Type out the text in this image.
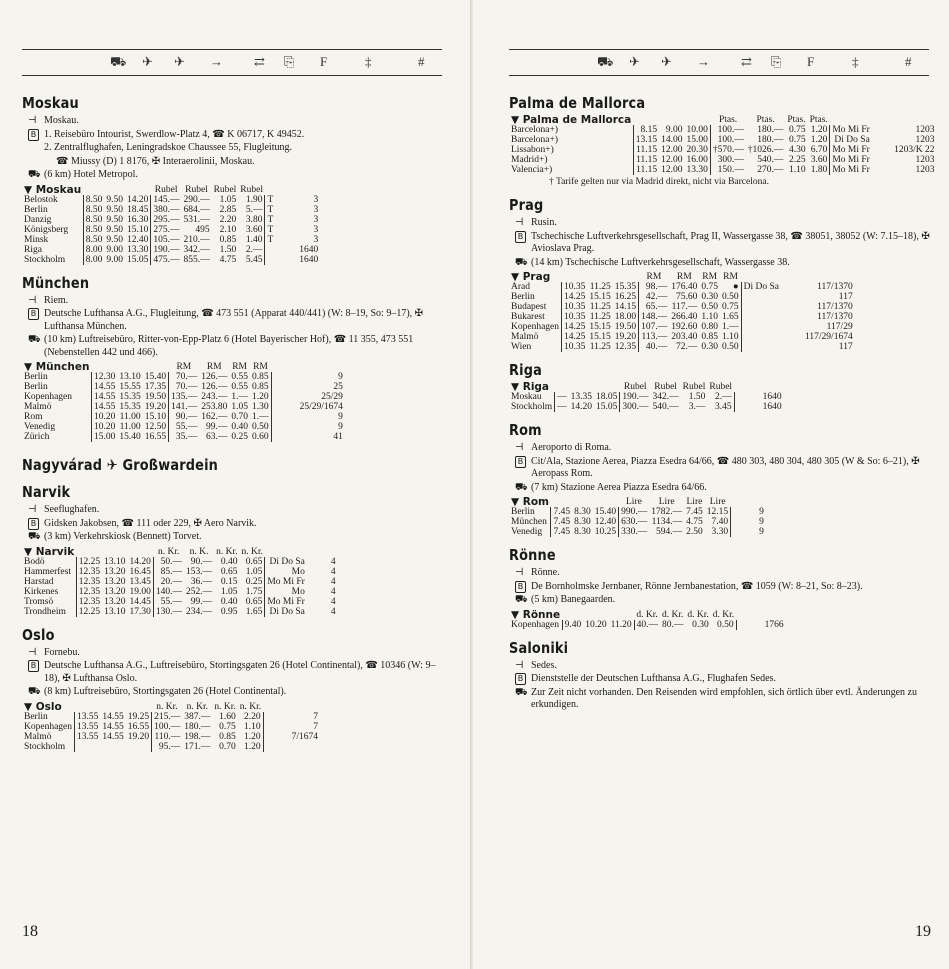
⛟ ✈ ✈ → ⇄ ⎘ F	‡	#
Moskau
⊣ Moskau.
B 1. Reisebüro Intourist, Swerdlow-Platz 4, ☎ K 06717, K 49452.
2. Zentralflughafen, Leningradskoe Chaussee 55, Flugleitung.
☎ Miussy (D) 1 8176, ✠ Interaerolinii, Moskau.
⛟ (6 km) Hotel Metropol.
▼ Moskau				Rubel	Rubel	Rubel	Rubel			
Belostok	8.50	9.50	14.20	145.—	290.—	1.05	1.90	T		3
Berlin	8.50	9.50	18.45	380.—	684.—	2.85	5.—	T		3
Danzig	8.50	9.50	16.30	295.—	531.—	2.20	3.80	T		3
Königsberg	8.50	9.50	15.10	275.—	495	2.10	3.60	T		3
Minsk	8.50	9.50	12.40	105.—	210.—	0.85	1.40	T		3
Riga	8.00	9.00	13.30	190.—	342.—	1.50	2.—			1640
Stockholm	8.00	9.00	15.05	475.—	855.—	4.75	5.45			1640
München
⊣ Riem.
B Deutsche Lufthansa A.G., Flugleitung, ☎ 473 551 (Apparat 440/441) (W: 8–19, So: 9–17), ✠ Lufthansa München.
⛟ (10 km) Luftreisebüro, Ritter-von-Epp-Platz 6 (Hotel Bayerischer Hof), ☎ 11 355, 473 551 (Nebenstellen 442 und 466).
▼ München				RM	RM	RM	RM			
Berlin	12.30	13.10	15.40	70.—	126.—	0.55	0.85			9
Berlin	14.55	15.55	17.35	70.—	126.—	0.55	0.85			25
Kopenhagen	14.55	15.35	19.50	135.—	243.—	1.—	1.20			25/29
Malmö	14.55	15.35	19.20	141.—	253.80	1.05	1.30			25/29/1674
Rom	10.20	11.00	15.10	90.—	162.—	0.70	1.—			9
Venedig	10.20	11.00	12.50	55.—	99.—	0.40	0.50			9
Zürich	15.00	15.40	16.55	35.—	63.—	0.25	0.60			41
Nagyvárad ✈ Großwardein
Narvik
⊣ Seeflughafen.
B Gidsken Jakobsen, ☎ 111 oder 229, ✠ Aero Narvik.
⛟ (3 km) Verkehrskiosk (Bennett) Torvet.
▼ Narvik				n. Kr.	n. K.	n. Kr.	n. Kr.			
Bodö	12.25	13.10	14.20	50.—	90.—	0.40	0.65	Di Do Sa		4
Hammerfest	12.35	13.20	16.45	85.—	153.—	0.65	1.05	Mo		4
Harstad	12.35	13.20	13.45	20.—	36.—	0.15	0.25	Mo Mi Fr		4
Kirkenes	12.35	13.20	19.00	140.—	252.—	1.05	1.75	Mo		4
Tromsö	12.35	13.20	14.45	55.—	99.—	0.40	0.65	Mo Mi Fr		4
Trondheim	12.25	13.10	17.30	130.—	234.—	0.95	1.65	Di Do Sa		4
Oslo
⊣ Fornebu.
B Deutsche Lufthansa A.G., Luftreisebüro, Stortingsgaten 26 (Hotel Continental), ☎ 10346 (W: 9–18), ✠ Lufthansa Oslo.
⛟ (8 km) Luftreisebüro, Stortingsgaten 26 (Hotel Continental).
▼ Oslo				n. Kr.	n. Kr.	n. Kr.	n. Kr.			
Berlin	13.55	14.55	19.25	215.—	387.—	1.60	2.20			7
Kopenhagen	13.55	14.55	16.55	100.—	180.—	0.75	1.10			7
Malmö	13.55	14.55	19.20	110.—	198.—	0.85	1.20			7/1674
Stockholm				95.—	171.—	0.70	1.20			
18
⛟ ✈ ✈ → ⇄ ⎘ F	‡	#
Palma de Mallorca
▼ Palma de Mallorca				Ptas.	Ptas.	Ptas.	Ptas.			
Barcelona+)	8.15	9.00	10.00	100.—	180.—	0.75	1.20	Mo Mi Fr		1203
Barcelona+)	13.15	14.00	15.00	100.—	180.—	0.75	1.20	Di Do Sa		1203
Lissabon+)	11.15	12.00	20.30	†570.—	†1026.—	4.30	6.70	Mo Mi Fr		1203/K 22
Madrid+)	11.15	12.00	16.00	300.—	540.—	2.25	3.60	Mo Mi Fr		1203
Valencia+)	11.15	12.00	13.30	150.—	270.—	1.10	1.80	Mo Mi Fr		1203
† Tarife gelten nur via Madrid direkt, nicht via Barcelona.
Prag
⊣ Rusin.
B Tschechische Luftverkehrsgesellschaft, Prag II, Wassergasse 38, ☎ 38051, 38052 (W: 7.15–18), ✠ Avioslava Prag.
⛟ (14 km) Tschechische Luftverkehrsgesellschaft, Wassergasse 38.
▼ Prag				RM	RM	RM	RM			
Arad	10.35	11.25	15.35	98.—	176.40	0.75	●	Di Do Sa		117/1370
Berlin	14.25	15.15	16.25	42.—	75.60	0.30	0.50			117
Budapest	10.35	11.25	14.15	65.—	117.—	0.50	0.75			117/1370
Bukarest	10.35	11.25	18.00	148.—	266.40	1.10	1.65			117/1370
Kopenhagen	14.25	15.15	19.50	107.—	192.60	0.80	1.—			117/29
Malmö	14.25	15.15	19.20	113.—	203.40	0.85	1.10			117/29/1674
Wien	10.35	11.25	12.35	40.—	72.—	0.30	0.50			117
Riga
▼ Riga				Rubel	Rubel	Rubel	Rubel			
Moskau	—	13.35	18.05	190.—	342.—	1.50	2.—			1640
Stockholm	—	14.20	15.05	300.—	540.—	3.—	3.45			1640
Rom
⊣ Aeroporto di Roma.
B Cit/Ala, Stazione Aerea, Piazza Esedra 64/66, ☎ 480 303, 480 304, 480 305 (W & So: 6–21), ✠ Aeropass Rom.
⛟ (7 km) Stazione Aerea Piazza Esedra 64/66.
▼ Rom				Lire	Lire	Lire	Lire			
Berlin	7.45	8.30	15.40	990.—	1782.—	7.45	12.15			9
München	7.45	8.30	12.40	630.—	1134.—	4.75	7.40			9
Venedig	7.45	8.30	10.25	330.—	594.—	2.50	3.30			9
Rönne
⊣ Rönne.
B De Bornholmske Jernbaner, Rönne Jernbanestation, ☎ 1059 (W: 8–21, So: 8–23).
⛟ (5 km) Banegaarden.
▼ Rönne				d. Kr.	d. Kr.	d. Kr.	d. Kr.			
Kopenhagen	9.40	10.20	11.20	40.—	80.—	0.30	0.50			1766
Saloniki
⊣ Sedes.
B Dienststelle der Deutschen Lufthansa A.G., Flughafen Sedes.
⛟ Zur Zeit nicht vorhanden. Den Reisenden wird empfohlen, sich örtlich über evtl. Änderungen zu erkundigen.
19
